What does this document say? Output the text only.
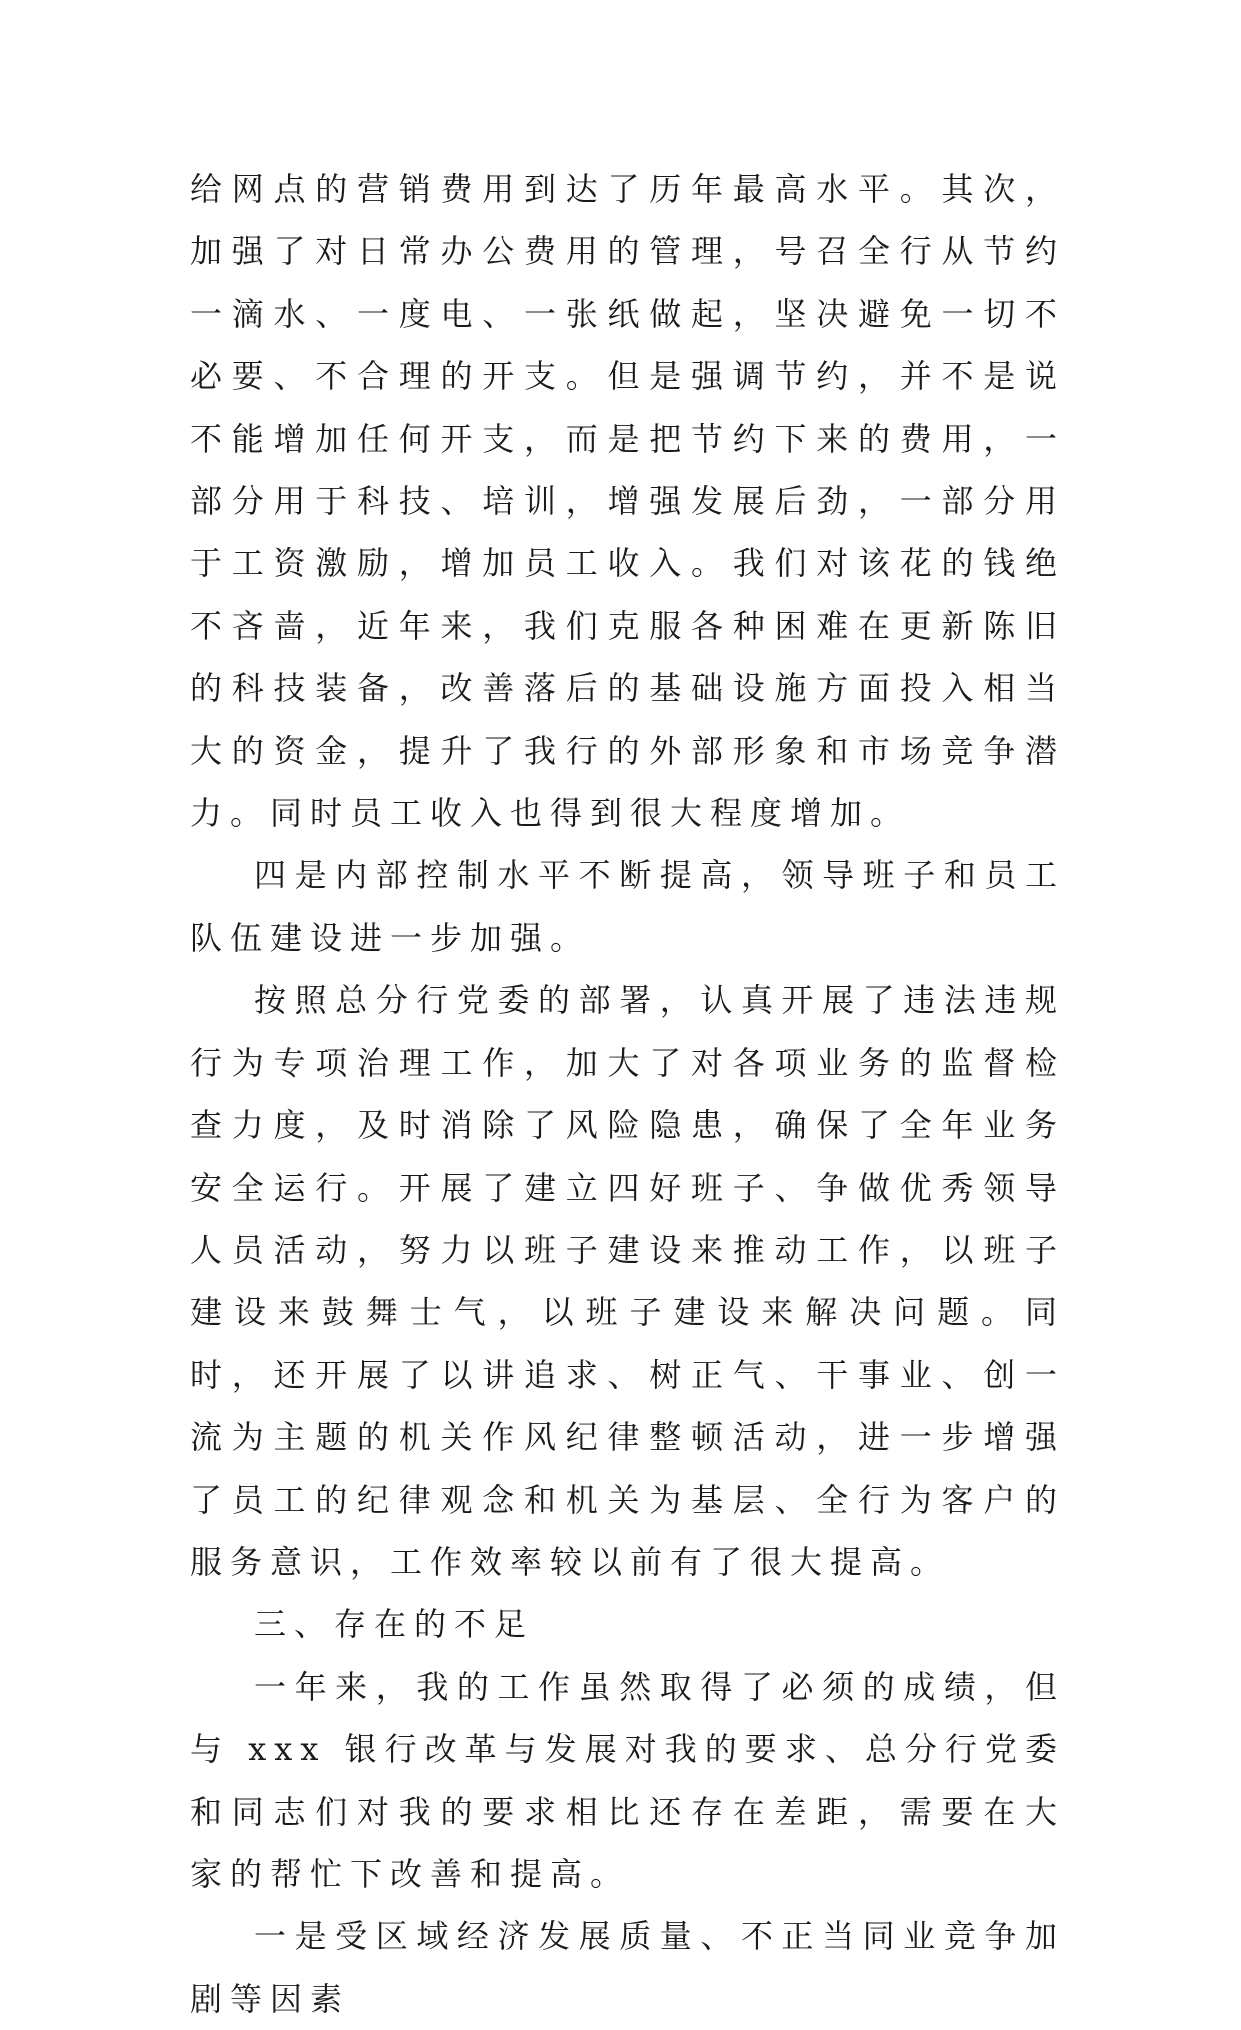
给网点的营销费用到达了历年最高水平。其次，加强了对日常办公费用的管理，号召全行从节约一滴水、一度电、一张纸做起，坚决避免一切不必要、不合理的开支。但是强调节约，并不是说不能增加任何开支，而是把节约下来的费用，一部分用于科技、培训，增强发展后劲，一部分用于工资激励，增加员工收入。我们对该花的钱绝不吝啬，近年来，我们克服各种困难在更新陈旧的科技装备，改善落后的基础设施方面投入相当大的资金，提升了我行的外部形象和市场竞争潜力。同时员工收入也得到很大程度增加。

四是内部控制水平不断提高，领导班子和员工队伍建设进一步加强。

按照总分行党委的部署，认真开展了违法违规行为专项治理工作，加大了对各项业务的监督检查力度，及时消除了风险隐患，确保了全年业务安全运行。开展了建立四好班子、争做优秀领导人员活动，努力以班子建设来推动工作，以班子建设来鼓舞士气，以班子建设来解决问题。同时，还开展了以讲追求、树正气、干事业、创一流为主题的机关作风纪律整顿活动，进一步增强了员工的纪律观念和机关为基层、全行为客户的服务意识，工作效率较以前有了很大提高。

三、存在的不足

一年来，我的工作虽然取得了必须的成绩，但与 xxx 银行改革与发展对我的要求、总分行党委和同志们对我的要求相比还存在差距，需要在大家的帮忙下改善和提高。

一是受区域经济发展质量、不正当同业竞争加剧等因素
